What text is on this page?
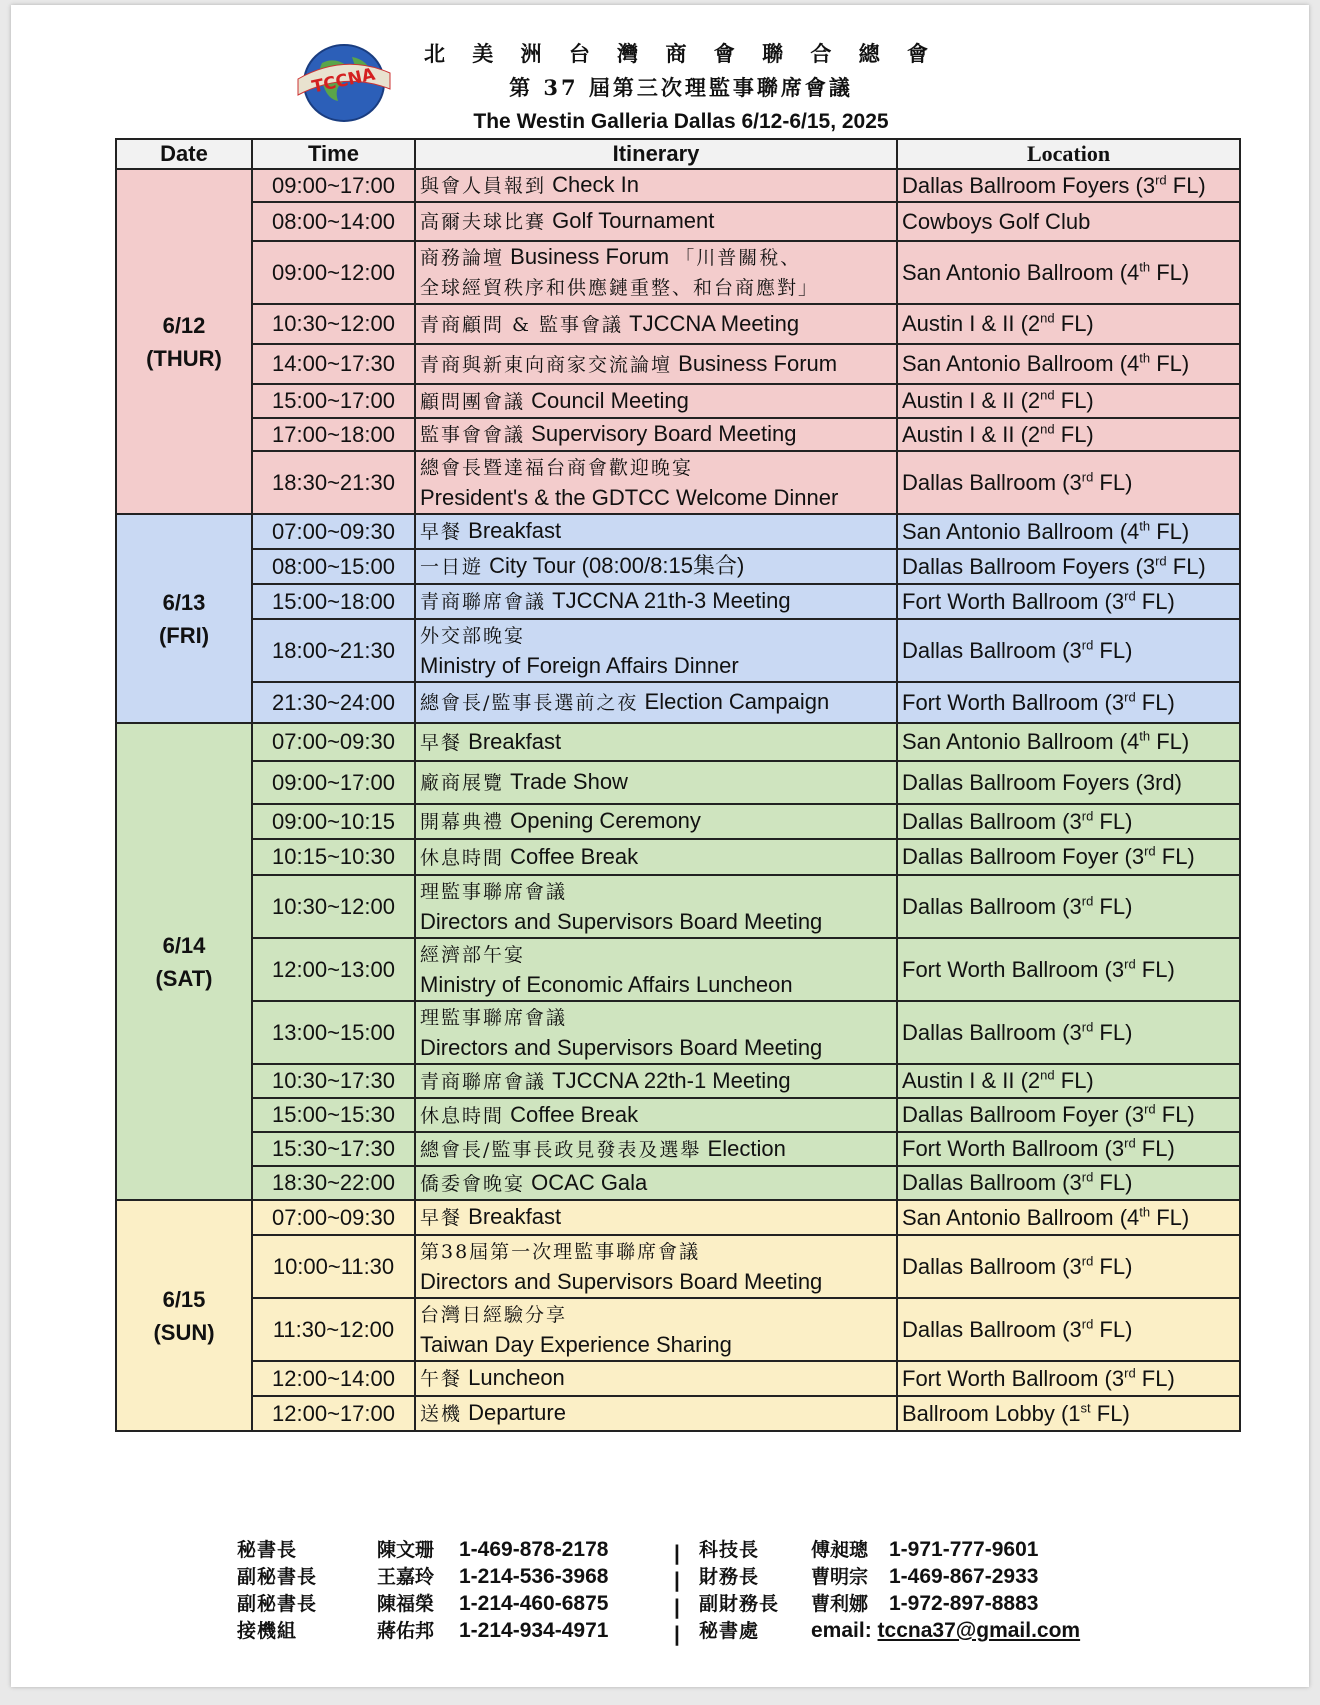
TCCNA
北 美 洲 台 灣 商 會 聯 合 總 會
第 37 屆第三次理監事聯席會議
The Westin Galleria Dallas 6/12-6/15, 2025
Date	Time	Itinerary	Location

6/12
(THUR)	09:00~17:00	與會人員報到 Check In	Dallas Ballroom Foyers (3rd FL)
	08:00~14:00	高爾夫球比賽 Golf Tournament	Cowboys Golf Club
	09:00~12:00	商務論壇 Business Forum 「川普關稅、
全球經貿秩序和供應鏈重整、和台商應對」	San Antonio Ballroom (4th FL)
	10:30~12:00	青商顧問 & 監事會議 TJCCNA Meeting	Austin I & II (2nd FL)
	14:00~17:30	青商與新東向商家交流論壇 Business Forum	San Antonio Ballroom (4th FL)
	15:00~17:00	顧問團會議 Council Meeting	Austin I & II (2nd FL)
	17:00~18:00	監事會會議 Supervisory Board Meeting	Austin I & II (2nd FL)
	18:30~21:30	總會長暨達福台商會歡迎晚宴
President's & the GDTCC Welcome Dinner	Dallas Ballroom (3rd FL)

6/13
(FRI)	07:00~09:30	早餐 Breakfast	San Antonio Ballroom (4th FL)
	08:00~15:00	一日遊 City Tour (08:00/8:15集合)	Dallas Ballroom Foyers (3rd FL)
	15:00~18:00	青商聯席會議 TJCCNA 21th-3 Meeting	Fort Worth Ballroom (3rd FL)
	18:00~21:30	外交部晚宴
Ministry of Foreign Affairs Dinner	Dallas Ballroom (3rd FL)
	21:30~24:00	總會長/監事長選前之夜 Election Campaign	Fort Worth Ballroom (3rd FL)

6/14
(SAT)	07:00~09:30	早餐 Breakfast	San Antonio Ballroom (4th FL)
	09:00~17:00	廠商展覽 Trade Show	Dallas Ballroom Foyers (3rd)
	09:00~10:15	開幕典禮 Opening Ceremony	Dallas Ballroom (3rd FL)
	10:15~10:30	休息時間 Coffee Break	Dallas Ballroom Foyer (3rd FL)
	10:30~12:00	理監事聯席會議
Directors and Supervisors Board Meeting	Dallas Ballroom (3rd FL)
	12:00~13:00	經濟部午宴
Ministry of Economic Affairs Luncheon	Fort Worth Ballroom (3rd FL)
	13:00~15:00	理監事聯席會議
Directors and Supervisors Board Meeting	Dallas Ballroom (3rd FL)
	10:30~17:30	青商聯席會議 TJCCNA 22th-1 Meeting	Austin I & II (2nd FL)
	15:00~15:30	休息時間 Coffee Break	Dallas Ballroom Foyer (3rd FL)
	15:30~17:30	總會長/監事長政見發表及選舉 Election	Fort Worth Ballroom (3rd FL)
	18:30~22:00	僑委會晚宴 OCAC Gala	Dallas Ballroom (3rd FL)

6/15
(SUN)	07:00~09:30	早餐 Breakfast	San Antonio Ballroom (4th FL)
	10:00~11:30	第38屆第一次理監事聯席會議
Directors and Supervisors Board Meeting	Dallas Ballroom (3rd FL)
	11:30~12:00	台灣日經驗分享
Taiwan Day Experience Sharing	Dallas Ballroom (3rd FL)
	12:00~14:00	午餐 Luncheon	Fort Worth Ballroom (3rd FL)
	12:00~17:00	送機 Departure	Ballroom Lobby (1st FL)
秘書長	陳文珊 1-469-878-2178
副秘書長	王嘉玲 1-214-536-3968
副秘書長	陳福榮 1-214-460-6875
接機組	蔣佑邦 1-214-934-4971
|
|
|
|
科技長	傅昶璁 1-971-777-9601
財務長	曹明宗 1-469-867-2933
副財務長 曹利娜 1-972-897-8883
秘書處 email: tccna37@gmail.com
